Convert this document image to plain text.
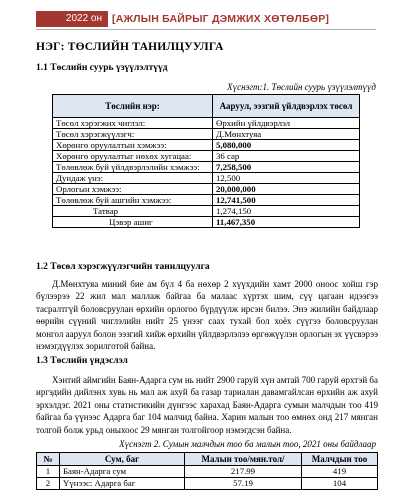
2022 он [АЖЛЫН БАЙРЫГ ДЭМЖИХ ХӨТӨЛБӨР]
НЭГ: ТӨСЛИЙН ТАНИЛЦУУЛГА
1.1 Төслийн суурь үзүүлэлтүүд
Хүснэгт:1. Төслийн суурь үзүүлэлтүүд
Төслийн нэр:	Ааруул, ээзгий үйлдвэрлэх төсөл
Төсөл хэрэгжих чиглэл:	Өрхийн үйлдвэрлэл
Төсөл хэрэгжүүлэгч:	Д.Мөнхтуяа
Хөрөнгө оруулалтын хэмжээ:	5,080,000
Хөрөнгө оруулалтыг нөхөх хугацаа:	36 сар
Төлөвлөж буй үйлдвэрлэлийн хэмжээ:	7,258,500
Дундаж үнэ:	12,500
Орлогын хэмжээ:	20,000,000
Төлөвлөж буй ашгийн хэмжээ:	12,741,500
Татвар	1,274,150
Цэвэр ашиг	11,467,350
1.2 Төсөл хэрэгжүүлэгчийн танилцуулга
Д.Мөнхтуяа миний бие ам бүл 4 ба нөхөр 2 хүүхдийн хамт 2000 оноос хойш гэр бүлээрээ 22 жил мал маллаж байгаа ба малаас хүртэх шим, сүү цагаан идээгээ тасралтгүй боловсруулан өрхийн орлогоо бүрдүүлж ирсэн билээ. Энэ жилийн байдлаар өөрийн сүүний чиглэлийн нийт 25 үнээг саах тухай бол хоёх сүүгээ боловсруулан монгол ааруул болон ээзгий хийж өрхийн үйлдвэрлэлээ өргөжүүлэн орлогын эх үүсвэрээ нэмэгдүүлэх зорилготой байна.
1.3 Төслийн үндэслэл
Хэнтий аймгийн Баян-Адарга сум нь нийт 2900 гаруй хүн амтай 700 гаруй өрхтэй ба иргэдийн дийлэнх хувь нь мал аж ахуй ба газар тариалан давамгайлсан өрхийн аж ахуй эрхэлдэг. 2021 оны статистикийн дүнгээс харахад Баян-Адарга сумын малчдын тоо 419 байгаа ба үүнээс Адарга баг 104 малчид байна. Харин малын тоо өмнөх онд 217 мянган толгой болж урьд оныхоос 29 мянган толгойгоор нэмэгдсэн байна.
Хүснэгт 2. Сумын малчдын тоо ба малын тоо, 2021 оны байдлаар
№	Сум, баг	Малын тоо/мян.тол/	Малчдын тоо
1	Баян-Адарга сум	217.99	419
2	Үүнээс: Адарга баг	57.19	104
